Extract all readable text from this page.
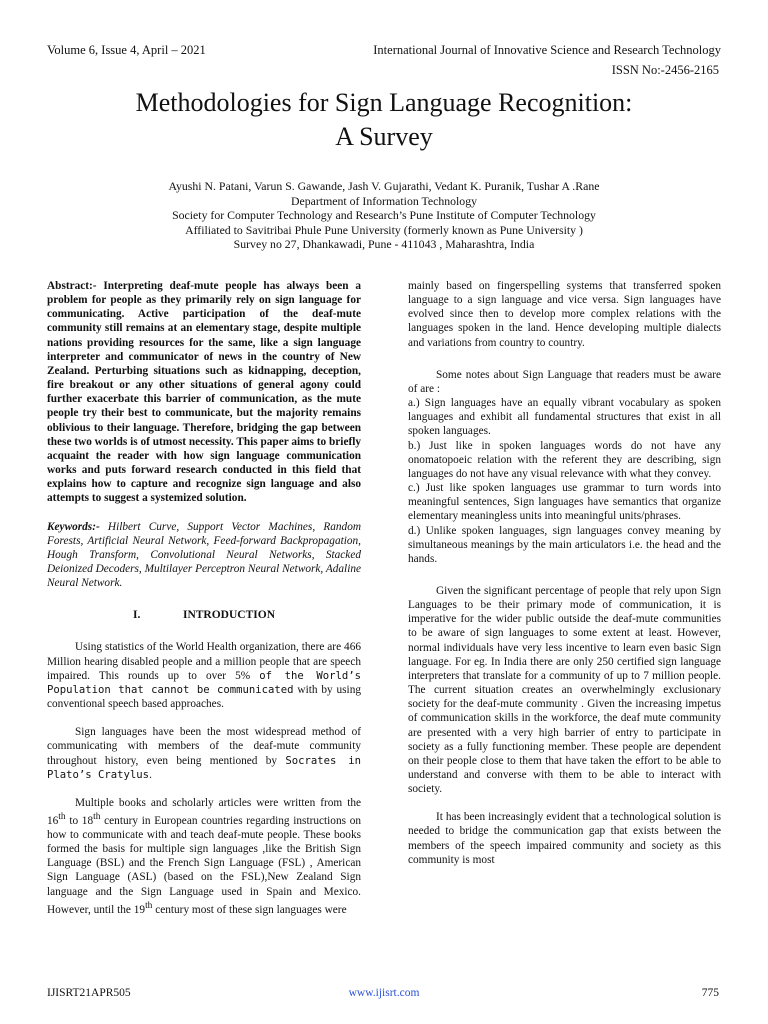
Volume 6, Issue 4, April – 2021	International Journal of Innovative Science and Research Technology
ISSN No:-2456-2165
Methodologies for Sign Language Recognition:
A Survey
Ayushi N. Patani, Varun S. Gawande, Jash V. Gujarathi, Vedant K. Puranik, Tushar A .Rane
Department of Information Technology
Society for Computer Technology and Research’s Pune Institute of Computer Technology
Affiliated to Savitribai Phule Pune University (formerly known as Pune University )
Survey no 27, Dhankawadi, Pune - 411043 , Maharashtra, India

Abstract:- Interpreting deaf-mute people has always been a problem for people as they primarily rely on sign language for communicating. Active participation of the deaf-mute community still remains at an elementary stage, despite multiple nations providing resources for the same, like a sign language interpreter and communicator of news in the country of New Zealand. Perturbing situations such as kidnapping, deception, fire breakout or any other situations of general agony could further exacerbate this barrier of communication, as the mute people try their best to communicate, but the majority remains oblivious to their language. Therefore, bridging the gap between these two worlds is of utmost necessity. This paper aims to briefly acquaint the reader with how sign language communication works and puts forward research conducted in this field that explains how to capture and recognize sign language and also attempts to suggest a systemized solution.

Keywords:- Hilbert Curve, Support Vector Machines, Random Forests, Artificial Neural Network, Feed-forward Backpropagation, Hough Transform, Convolutional Neural Networks, Stacked Deionized Decoders, Multilayer Perceptron Neural Network, Adaline Neural Network.

I.	INTRODUCTION

Using statistics of the World Health organization, there are 466 Million hearing disabled people and a million people that are speech impaired. This rounds up to over 5% of the World’s Population that cannot be communicated with by using conventional speech based approaches.

Sign languages have been the most widespread method of communicating with members of the deaf-mute community throughout history, even being mentioned by Socrates in Plato’s Cratylus.

Multiple books and scholarly articles were written from the 16th to 18th century in European countries regarding instructions on how to communicate with and teach deaf-mute people. These books formed the basis for multiple sign languages ,like the British Sign Language (BSL) and the French Sign Language (FSL) , American Sign Language (ASL) (based on the FSL),New Zealand Sign language and the Sign Language used in Spain and Mexico. However, until the 19th century most of these sign languages were

mainly based on fingerspelling systems that transferred spoken language to a sign language and vice versa. Sign languages have evolved since then to develop more complex relations with the languages spoken in the land. Hence developing multiple dialects and variations from country to country.

Some notes about Sign Language that readers must be aware of are :

a.) Sign languages have an equally vibrant vocabulary as spoken languages and exhibit all fundamental structures that exist in all spoken languages.

b.) Just like in spoken languages words do not have any onomatopoeic relation with the referent they are describing, sign languages do not have any visual relevance with what they convey.

c.) Just like spoken languages use grammar to turn words into meaningful sentences, Sign languages have semantics that organize elementary meaningless units into meaningful units/phrases.

d.) Unlike spoken languages, sign languages convey meaning by simultaneous meanings by the main articulators i.e. the head and the hands.

Given the significant percentage of people that rely upon Sign Languages to be their primary mode of communication, it is imperative for the wider public outside the deaf-mute communities to be aware of sign languages to some extent at least. However, normal individuals have very less incentive to learn even basic Sign language. For eg. In India there are only 250 certified sign language interpreters that translate for a community of up to 7 million people. The current situation creates an overwhelmingly exclusionary society for the deaf-mute community . Given the increasing impetus of communication skills in the workforce, the deaf mute community are presented with a very high barrier of entry to participate in society as a fully functioning member. These people are dependent on their people close to them that have taken the effort to be able to understand and converse with them to be able to interact with society.

It has been increasingly evident that a technological solution is needed to bridge the communication gap that exists between the members of the speech impaired community and society as this community is most

IJISRT21APR505	www.ijisrt.com	775
